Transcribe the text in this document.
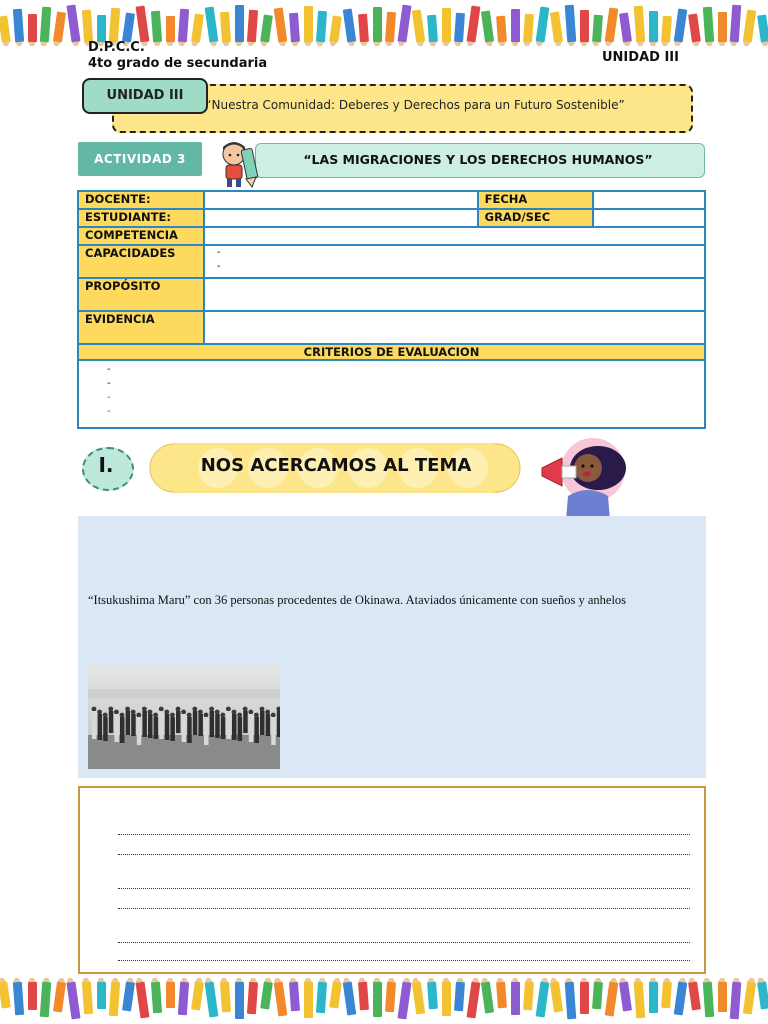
D.P.C.C.
4to grado de secundaria	UNIDAD III
UNIDAD III
“Nuestra Comunidad: Deberes y Derechos para un Futuro Sostenible”
ACTIVIDAD 3	“LAS MIGRACIONES Y LOS DERECHOS HUMANOS”
DOCENTE:		FECHA	
ESTUDIANTE:		GRAD/SEC	
COMPETENCIA			
CAPACIDADES	-
-		

PROPÓSITO			
EVIDENCIA			
CRITERIOS DE EVALUACION			

-
-
-
-			
I.	NOS ACERCAMOS AL TEMA
“Itsukushima Maru” con 36 personas procedentes de Okinawa. Ataviados únicamente con sueños y anhelos
